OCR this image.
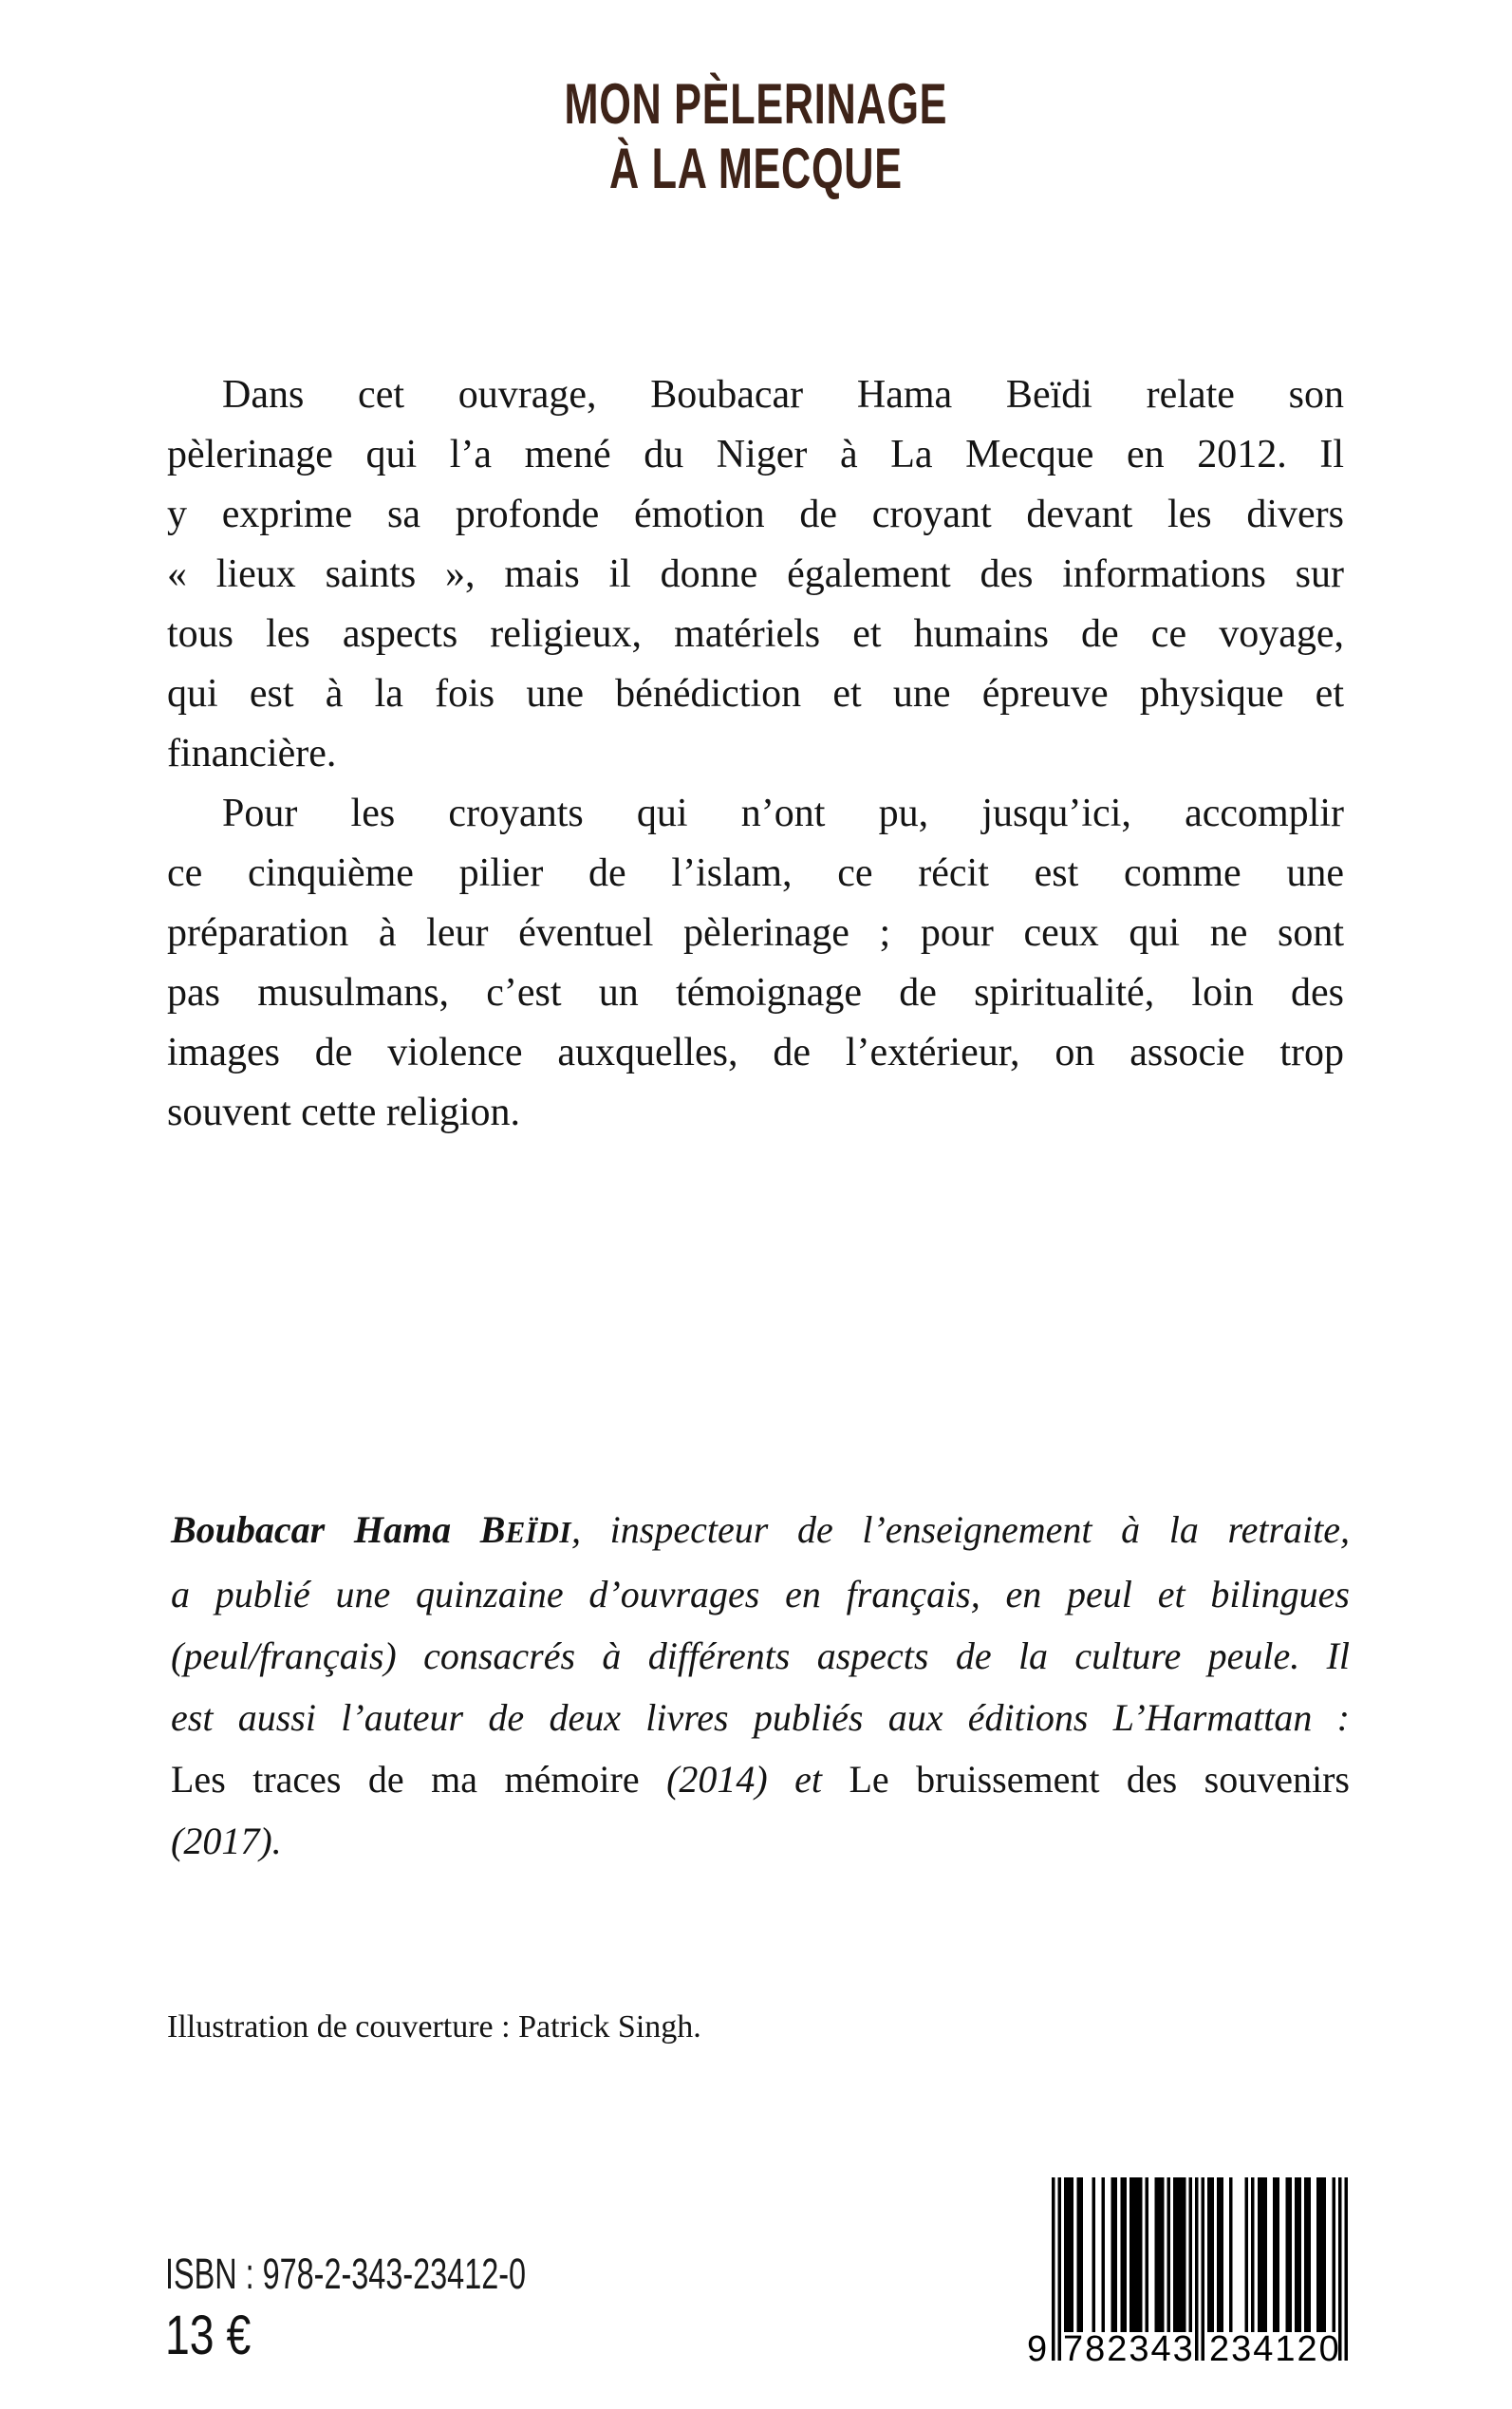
MON PÈLERINAGE
À LA MECQUE
Dans cet ouvrage, Boubacar Hama Beïdi relate son
pèlerinage qui l’a mené du Niger à La Mecque en 2012. Il
y exprime sa profonde émotion de croyant devant les divers
« lieux saints », mais il donne également des informations sur
tous les aspects religieux, matériels et humains de ce voyage,
qui est à la fois une bénédiction et une épreuve physique et
financière.
Pour les croyants qui n’ont pu, jusqu’ici, accomplir
ce cinquième pilier de l’islam, ce récit est comme une
préparation à leur éventuel pèlerinage ; pour ceux qui ne sont
pas musulmans, c’est un témoignage de spiritualité, loin des
images de violence auxquelles, de l’extérieur, on associe trop
souvent cette religion.
Boubacar Hama BEÏDI, inspecteur de l’enseignement à la retraite,
a publié une quinzaine d’ouvrages en français, en peul et bilingues
(peul/français) consacrés à différents aspects de la culture peule. Il
est aussi l’auteur de deux livres publiés aux éditions L’Harmattan :
Les traces de ma mémoire (2014) et Le bruissement des souvenirs
(2017).
Illustration de couverture : Patrick Singh.
ISBN : 978-2-343-23412-0
13 €	9 782343 234120
